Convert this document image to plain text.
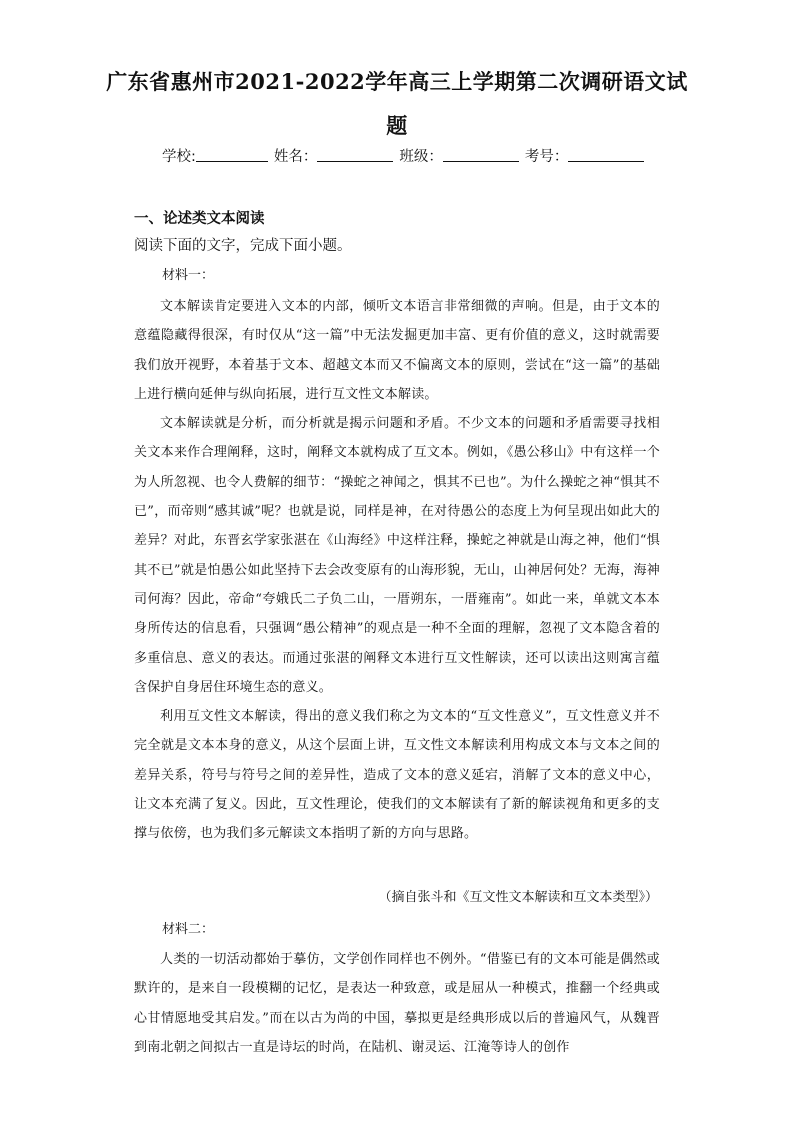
广东省惠州市2021-2022学年高三上学期第二次调研语文试
题
学校:	姓名：	班级：	考号：
一、论述类文本阅读
阅读下面的文字，完成下面小题。
材料一：

文本解读肯定要进入文本的内部，倾听文本语言非常细微的声响。但是，由于文本的意蕴隐藏得很深，有时仅从“这一篇”中无法发掘更加丰富、更有价值的意义，这时就需要我们放开视野，本着基于文本、超越文本而又不偏离文本的原则，尝试在“这一篇”的基础上进行横向延伸与纵向拓展，进行互文性文本解读。

文本解读就是分析，而分析就是揭示问题和矛盾。不少文本的问题和矛盾需要寻找相关文本来作合理阐释，这时，阐释文本就构成了互文本。例如，《愚公移山》中有这样一个为人所忽视、也令人费解的细节：“操蛇之神闻之，惧其不已也”。为什么操蛇之神“惧其不已”，而帝则“感其诚”呢？也就是说，同样是神，在对待愚公的态度上为何呈现出如此大的差异？对此，东晋玄学家张湛在《山海经》中这样注释，操蛇之神就是山海之神，他们“惧其不已”就是怕愚公如此坚持下去会改变原有的山海形貌，无山，山神居何处？无海，海神司何海？因此，帝命“夸娥氏二子负二山，一厝朔东，一厝雍南”。如此一来，单就文本本身所传达的信息看，只强调“愚公精神”的观点是一种不全面的理解，忽视了文本隐含着的多重信息、意义的表达。而通过张湛的阐释文本进行互文性解读，还可以读出这则寓言蕴含保护自身居住环境生态的意义。

利用互文性文本解读，得出的意义我们称之为文本的“互文性意义”，互文性意义并不完全就是文本本身的意义，从这个层面上讲，互文性文本解读利用构成文本与文本之间的差异关系，符号与符号之间的差异性，造成了文本的意义延宕，消解了文本的意义中心，让文本充满了复义。因此，互文性理论，使我们的文本解读有了新的解读视角和更多的支撑与依傍，也为我们多元解读文本指明了新的方向与思路。

（摘自张斗和《互文性文本解读和互文本类型》）
材料二：

人类的一切活动都始于摹仿，文学创作同样也不例外。“借鉴已有的文本可能是偶然或默许的，是来自一段模糊的记忆，是表达一种致意，或是屈从一种模式，推翻一个经典或心甘情愿地受其启发。”而在以古为尚的中国，摹拟更是经典形成以后的普遍风气，从魏晋到南北朝之间拟古一直是诗坛的时尚，在陆机、谢灵运、江淹等诗人的创作
